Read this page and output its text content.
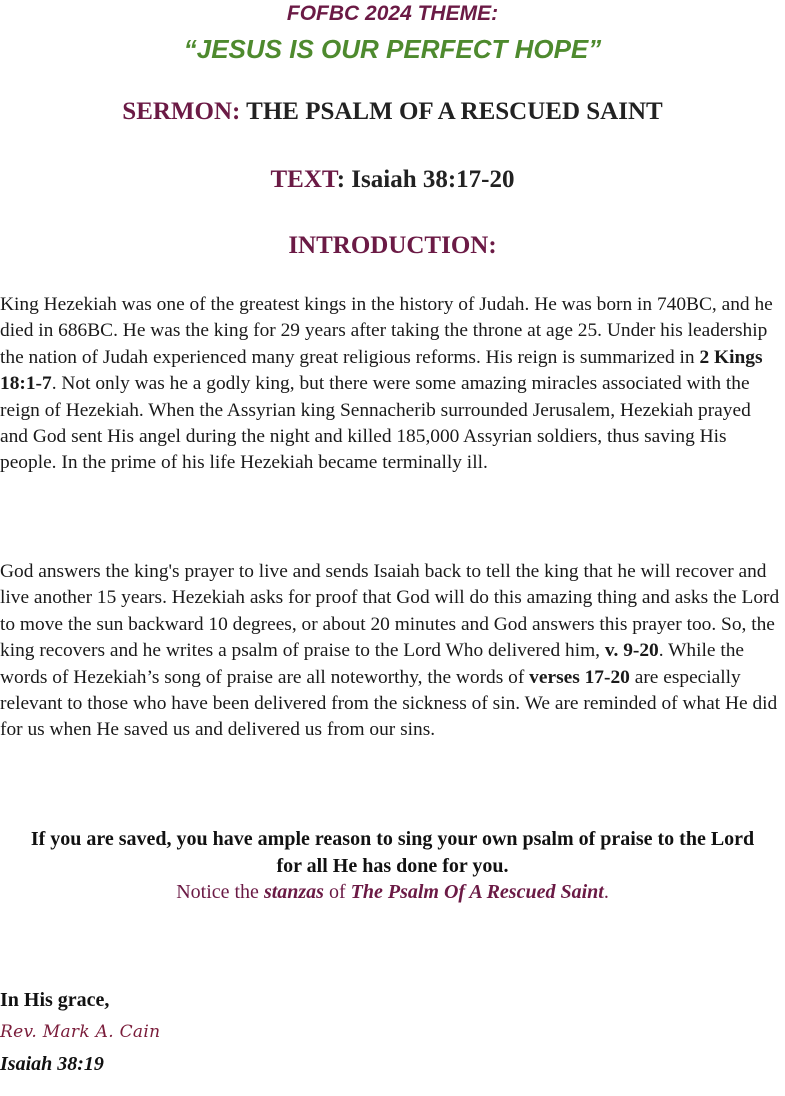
FOFBC 2024 THEME:
“JESUS IS OUR PERFECT HOPE”
SERMON: THE PSALM OF A RESCUED SAINT
TEXT: Isaiah 38:17-20
INTRODUCTION:
King Hezekiah was one of the greatest kings in the history of Judah. He was born in 740BC, and he died in 686BC. He was the king for 29 years after taking the throne at age 25. Under his leadership the nation of Judah experienced many great religious reforms. His reign is summarized in 2 Kings 18:1-7. Not only was he a godly king, but there were some amazing miracles associated with the reign of Hezekiah. When the Assyrian king Sennacherib surrounded Jerusalem, Hezekiah prayed and God sent His angel during the night and killed 185,000 Assyrian soldiers, thus saving His people. In the prime of his life Hezekiah became terminally ill.
God answers the king's prayer to live and sends Isaiah back to tell the king that he will recover and live another 15 years. Hezekiah asks for proof that God will do this amazing thing and asks the Lord to move the sun backward 10 degrees, or about 20 minutes and God answers this prayer too. So, the king recovers and he writes a psalm of praise to the Lord Who delivered him, v. 9-20. While the words of Hezekiah’s song of praise are all noteworthy, the words of verses 17-20 are especially relevant to those who have been delivered from the sickness of sin. We are reminded of what He did for us when He saved us and delivered us from our sins.
If you are saved, you have ample reason to sing your own psalm of praise to the Lord
for all He has done for you.
Notice the stanzas of The Psalm Of A Rescued Saint.
In His grace,
Rev. Mark A. Cain
Isaiah 38:19
